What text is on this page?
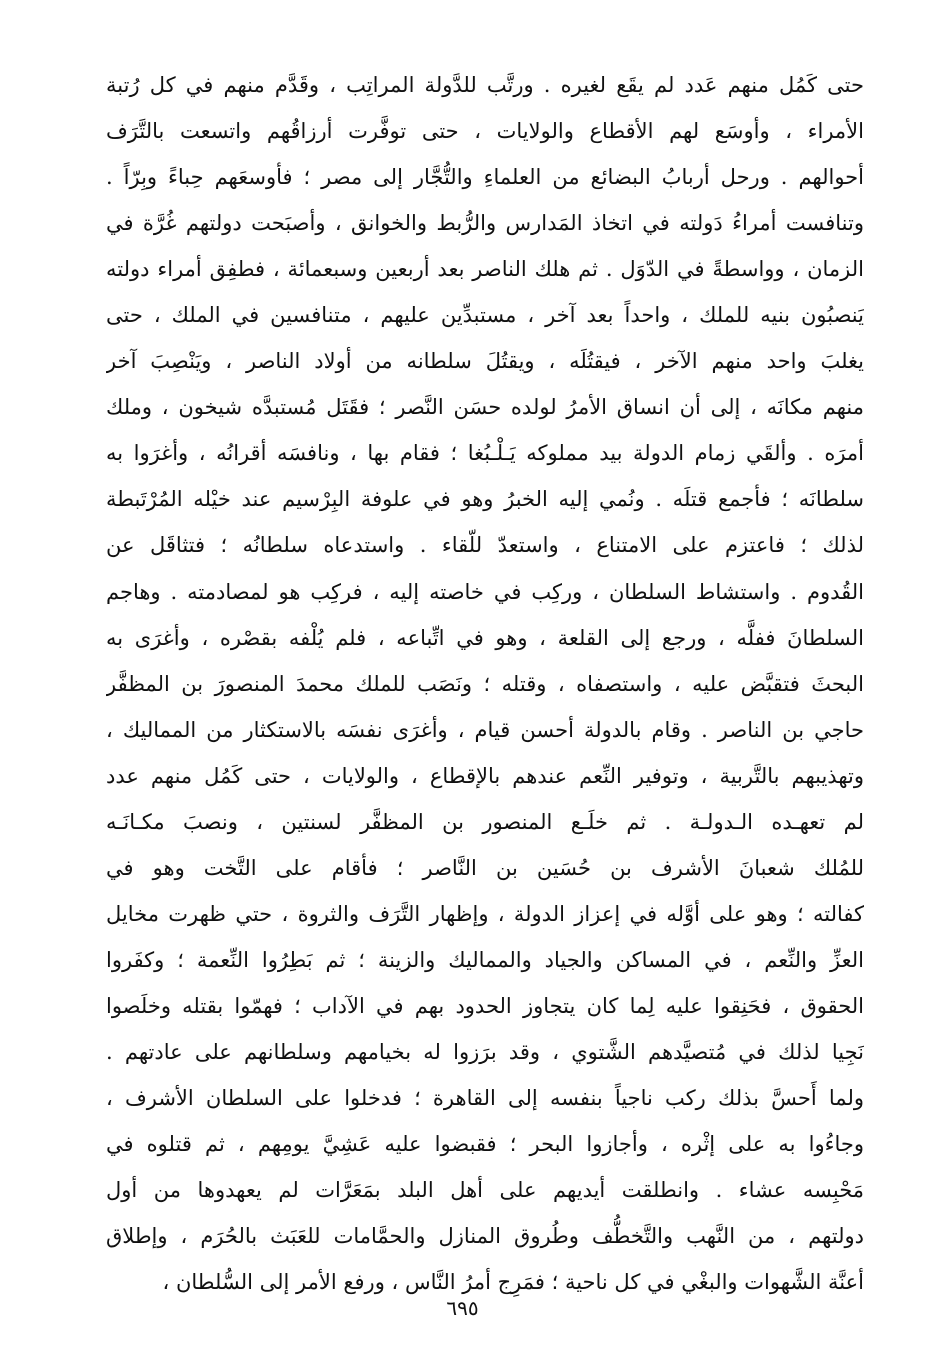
حتى كَمُل منهم عَدد لم يقَع لغيره . ورتَّب للدَّولة المراتِب ، وقَدَّم منهم في كل رُتبة
الأمراء ، وأوسَع لهم الأقطاع والولايات ، حتى توفَّرت أرزاقُهم واتسعت بالتَّرَف
أحوالهم . ورحل أربابُ البضائع من العلماءِ والتُّجَّار إلى مصر ؛ فأوسعَهم حِباءً وبِرّاً .
وتنافست أمراءُ دَولته في اتخاذ المَدارس والرُّبط والخوانق ، وأصبَحت دولتهم غُرَّة في
الزمان ، وواسطةً في الدّوَل . ثم هلك الناصر بعد أربعين وسبعمائة ، فطفِق أمراء دولته
يَنصبُون بنيه للملك ، واحداً بعد آخر ، مستبدِّين عليهم ، متنافسين في الملك ، حتى
يغلبَ واحد منهم الآخر ، فيقتُلَه ، ويقتُلَ سلطانه من أولاد الناصر ، ويَنْصِبَ آخر
منهم مكانَه ، إلى أن انساق الأمرُ لولده حسَن النَّصر ؛ فقَتَل مُستبدَّه شيخون ، وملك
أمرَه . وألقَي زمام الدولة بيد مملوكه يَـلْـبُغا ؛ فقام بها ، ونافسَه أقرانُه ، وأغرَوا به
سلطانَه ؛ فأجمع قتلَه . ونُمي إليه الخبرُ وهو في علوفة البِرْسيم عند خيْله المُرْتَبطة
لذلك ؛ فاعتزم على الامتناع ، واستعدّ للّقاء . واستدعاه سلطانُه ؛ فتثاقَل عن
القُدوم . واستشاط السلطان ، وركِب في خاصته إليه ، فركِب هو لمصادمته . وهاجم
السلطانَ ففلَّه ، ورجع إلى القلعة ، وهو في اتِّباعه ، فلم يُلْفه بقصْره ، وأغرَى به
البحثَ فتقبَّض عليه ، واستصفاه ، وقتله ؛ ونَصَب للملك محمدَ المنصورَ بن المظفَّر
حاجي بن الناصر . وقام بالدولة أحسن قيام ، وأغرَى نفسَه بالاستكثار من المماليك ،
وتهذيبهم بالتَّربية ، وتوفير النِّعم عندهم بالإقطاع ، والولايات ، حتى كَمُل منهم عدد
لم تعهـده الـدولـة . ثم خلَـع المنصور بن المظفَّر لسنتين ، ونصبَ مكـانَـه
للمُلك شعبانَ الأشرف بن حُسَين بن النَّاصر ؛ فأقام على التَّخت وهو في
كفالته ؛ وهو على أوَّله في إعزاز الدولة ، وإظهار التَّرَف والثروة ، حتي ظهرت مخايل
العزِّ والنِّعم ، في المساكن والجياد والمماليك والزينة ؛ ثم بَطِرُوا النِّعمة ؛ وكفَروا
الحقوق ، فحَنِقوا عليه لِما كان يتجاوز الحدود بهم في الآداب ؛ فهمّوا بقتله وخلَصوا
نَجِيا لذلك في مُتصيَّدهم الشَّتوي ، وقد برَزوا له بخيامهم وسلطانهم على عادتهم .
ولما أَحسَّ بذلك ركب ناجياً بنفسه إلى القاهرة ؛ فدخلوا على السلطان الأشرف ،
وجاءُوا به على إثْره ، وأجازوا البحر ؛ فقبضوا عليه عَشِيَّ يومِهم ، ثم قتلوه في
مَحْبِسه عشاء . وانطلقت أيديهم على أهل البلد بمَعَرَّات لم يعهدوها من أول
دولتهم ، من النَّهب والتَّخطُّف وطُروق المنازل والحمَّامات للعَبَث بالحُرَم ، وإطلاق
أعنَّة الشَّهوات والبغْي في كل ناحية ؛ فمَرِج أمرُ النَّاس ، ورفع الأمر إلى السُّلطان ،
٦٩٥
